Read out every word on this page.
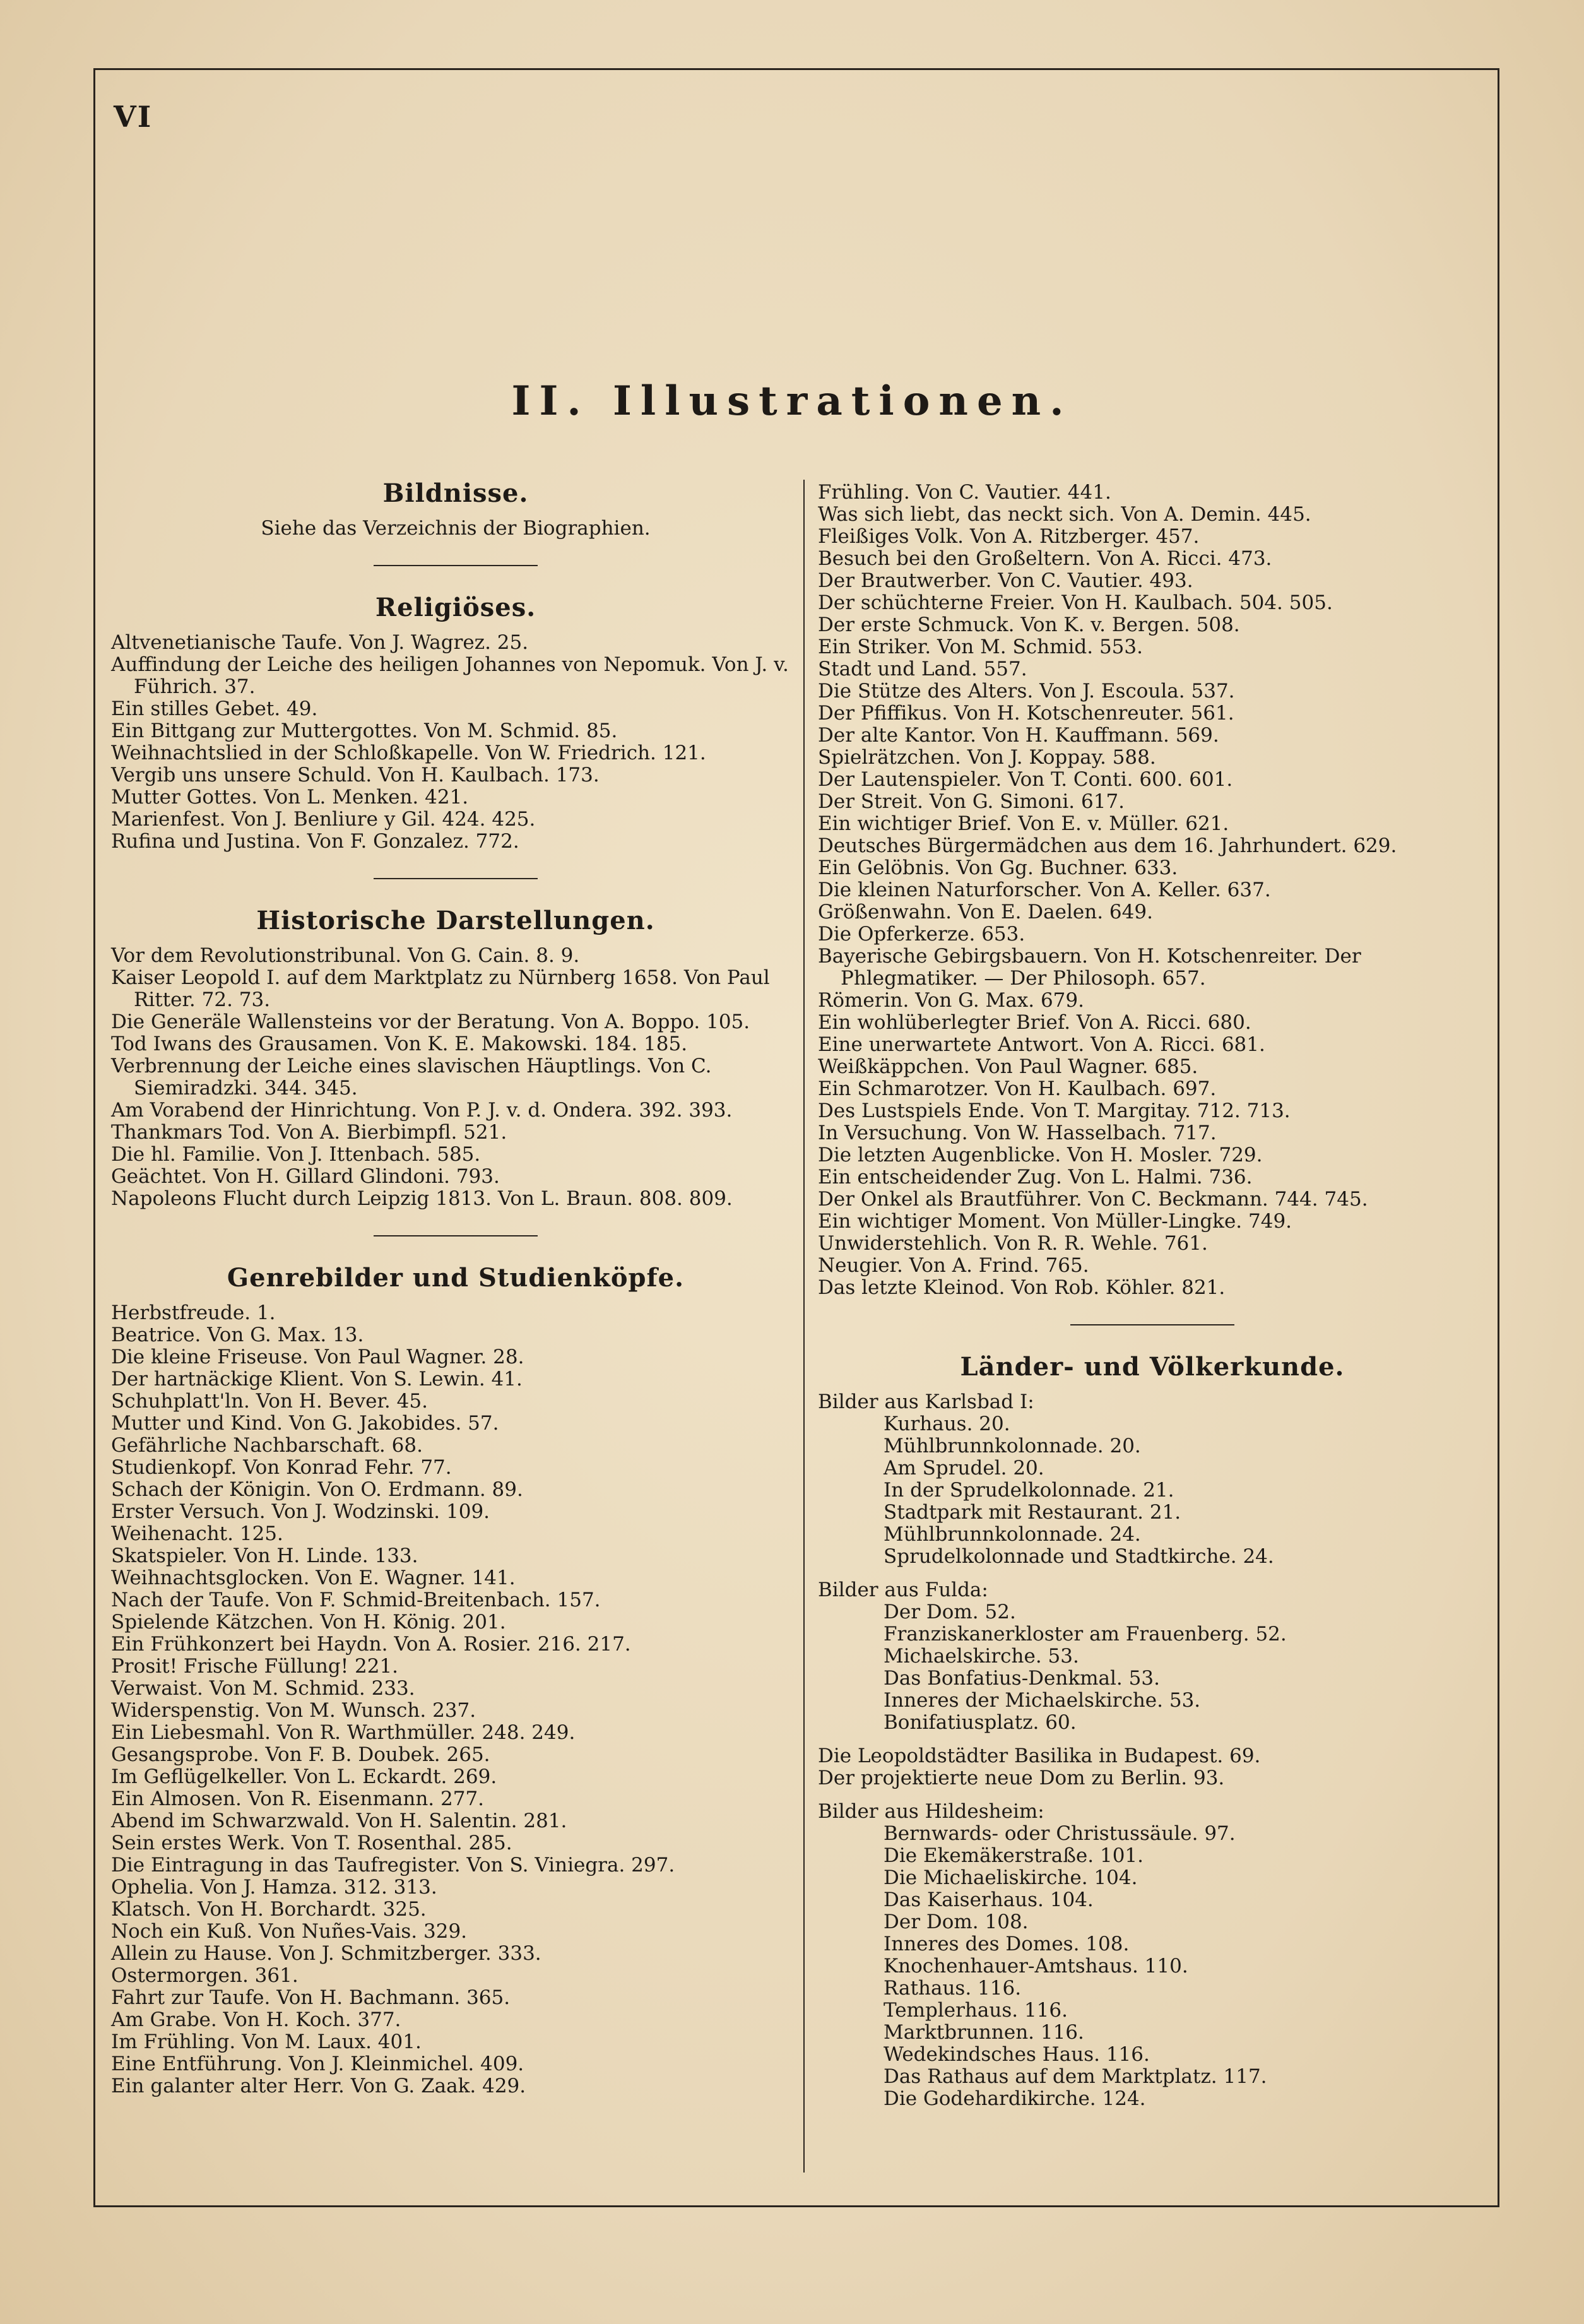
VI
II. Illustrationen.
Bildnisse.
Siehe das Verzeichnis der Biographien.
Religiöses.
Altvenetianische Taufe. Von J. Wagrez. 25.
Auffindung der Leiche des heiligen Johannes von Nepomuk. Von J. v. Führich. 37.
Ein stilles Gebet. 49.
Ein Bittgang zur Muttergottes. Von M. Schmid. 85.
Weihnachtslied in der Schloßkapelle. Von W. Friedrich. 121.
Vergib uns unsere Schuld. Von H. Kaulbach. 173.
Mutter Gottes. Von L. Menken. 421.
Marienfest. Von J. Benliure y Gil. 424. 425.
Rufina und Justina. Von F. Gonzalez. 772.
Historische Darstellungen.
Vor dem Revolutionstribunal. Von G. Cain. 8. 9.
Kaiser Leopold I. auf dem Marktplatz zu Nürnberg 1658. Von Paul Ritter. 72. 73.
Die Generäle Wallensteins vor der Beratung. Von A. Boppo. 105.
Tod Iwans des Grausamen. Von K. E. Makowski. 184. 185.
Verbrennung der Leiche eines slavischen Häuptlings. Von C. Siemiradzki. 344. 345.
Am Vorabend der Hinrichtung. Von P. J. v. d. Ondera. 392. 393.
Thankmars Tod. Von A. Bierbimpfl. 521.
Die hl. Familie. Von J. Ittenbach. 585.
Geächtet. Von H. Gillard Glindoni. 793.
Napoleons Flucht durch Leipzig 1813. Von L. Braun. 808. 809.
Genrebilder und Studienköpfe.
Herbstfreude. 1.
Beatrice. Von G. Max. 13.
Die kleine Friseuse. Von Paul Wagner. 28.
Der hartnäckige Klient. Von S. Lewin. 41.
Schuhplatt'ln. Von H. Bever. 45.
Mutter und Kind. Von G. Jakobides. 57.
Gefährliche Nachbarschaft. 68.
Studienkopf. Von Konrad Fehr. 77.
Schach der Königin. Von O. Erdmann. 89.
Erster Versuch. Von J. Wodzinski. 109.
Weihenacht. 125.
Skatspieler. Von H. Linde. 133.
Weihnachtsglocken. Von E. Wagner. 141.
Nach der Taufe. Von F. Schmid-Breitenbach. 157.
Spielende Kätzchen. Von H. König. 201.
Ein Frühkonzert bei Haydn. Von A. Rosier. 216. 217.
Prosit! Frische Füllung! 221.
Verwaist. Von M. Schmid. 233.
Widerspenstig. Von M. Wunsch. 237.
Ein Liebesmahl. Von R. Warthmüller. 248. 249.
Gesangsprobe. Von F. B. Doubek. 265.
Im Geflügelkeller. Von L. Eckardt. 269.
Ein Almosen. Von R. Eisenmann. 277.
Abend im Schwarzwald. Von H. Salentin. 281.
Sein erstes Werk. Von T. Rosenthal. 285.
Die Eintragung in das Taufregister. Von S. Viniegra. 297.
Ophelia. Von J. Hamza. 312. 313.
Klatsch. Von H. Borchardt. 325.
Noch ein Kuß. Von Nuñes-Vais. 329.
Allein zu Hause. Von J. Schmitzberger. 333.
Ostermorgen. 361.
Fahrt zur Taufe. Von H. Bachmann. 365.
Am Grabe. Von H. Koch. 377.
Im Frühling. Von M. Laux. 401.
Eine Entführung. Von J. Kleinmichel. 409.
Ein galanter alter Herr. Von G. Zaak. 429.
Frühling. Von C. Vautier. 441.
Was sich liebt, das neckt sich. Von A. Demin. 445.
Fleißiges Volk. Von A. Ritzberger. 457.
Besuch bei den Großeltern. Von A. Ricci. 473.
Der Brautwerber. Von C. Vautier. 493.
Der schüchterne Freier. Von H. Kaulbach. 504. 505.
Der erste Schmuck. Von K. v. Bergen. 508.
Ein Striker. Von M. Schmid. 553.
Stadt und Land. 557.
Die Stütze des Alters. Von J. Escoula. 537.
Der Pfiffikus. Von H. Kotschenreuter. 561.
Der alte Kantor. Von H. Kauffmann. 569.
Spielrätzchen. Von J. Koppay. 588.
Der Lautenspieler. Von T. Conti. 600. 601.
Der Streit. Von G. Simoni. 617.
Ein wichtiger Brief. Von E. v. Müller. 621.
Deutsches Bürgermädchen aus dem 16. Jahrhundert. 629.
Ein Gelöbnis. Von Gg. Buchner. 633.
Die kleinen Naturforscher. Von A. Keller. 637.
Größenwahn. Von E. Daelen. 649.
Die Opferkerze. 653.
Bayerische Gebirgsbauern. Von H. Kotschenreiter. Der Phlegmatiker. — Der Philosoph. 657.
Römerin. Von G. Max. 679.
Ein wohlüberlegter Brief. Von A. Ricci. 680.
Eine unerwartete Antwort. Von A. Ricci. 681.
Weißkäppchen. Von Paul Wagner. 685.
Ein Schmarotzer. Von H. Kaulbach. 697.
Des Lustspiels Ende. Von T. Margitay. 712. 713.
In Versuchung. Von W. Hasselbach. 717.
Die letzten Augenblicke. Von H. Mosler. 729.
Ein entscheidender Zug. Von L. Halmi. 736.
Der Onkel als Brautführer. Von C. Beckmann. 744. 745.
Ein wichtiger Moment. Von Müller-Lingke. 749.
Unwiderstehlich. Von R. R. Wehle. 761.
Neugier. Von A. Frind. 765.
Das letzte Kleinod. Von Rob. Köhler. 821.
Länder- und Völkerkunde.
Bilder aus Karlsbad I:
Kurhaus. 20.
Mühlbrunnkolonnade. 20.
Am Sprudel. 20.
In der Sprudelkolonnade. 21.
Stadtpark mit Restaurant. 21.
Mühlbrunnkolonnade. 24.
Sprudelkolonnade und Stadtkirche. 24.
Bilder aus Fulda:
Der Dom. 52.
Franziskanerkloster am Frauenberg. 52.
Michaelskirche. 53.
Das Bonfatius-Denkmal. 53.
Inneres der Michaelskirche. 53.
Bonifatiusplatz. 60.
Die Leopoldstädter Basilika in Budapest. 69.
Der projektierte neue Dom zu Berlin. 93.
Bilder aus Hildesheim:
Bernwards- oder Christussäule. 97.
Die Ekemäkerstraße. 101.
Die Michaeliskirche. 104.
Das Kaiserhaus. 104.
Der Dom. 108.
Inneres des Domes. 108.
Knochenhauer-Amtshaus. 110.
Rathaus. 116.
Templerhaus. 116.
Marktbrunnen. 116.
Wedekindsches Haus. 116.
Das Rathaus auf dem Marktplatz. 117.
Die Godehardikirche. 124.
